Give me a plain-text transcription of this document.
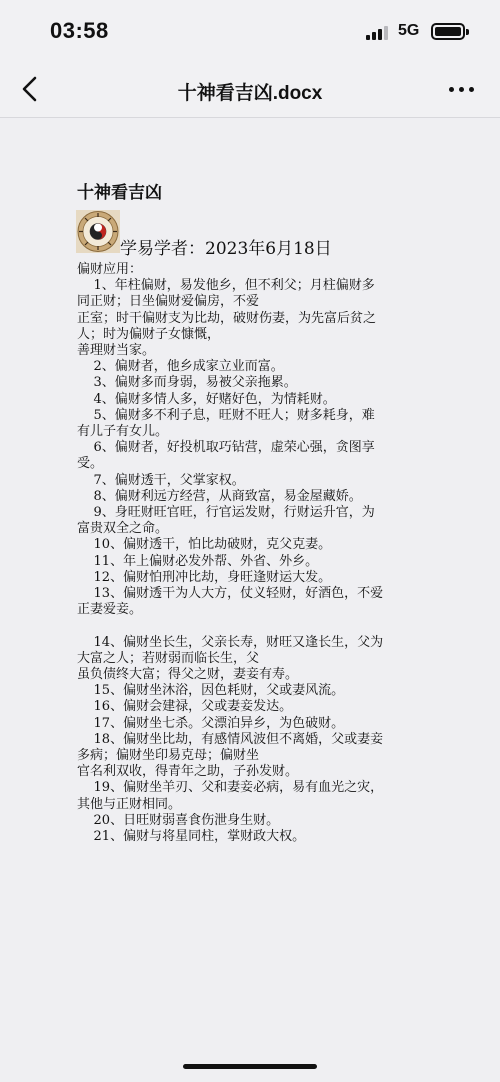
03:58	5G
十神看吉凶.docx
十神看吉凶
学易学者：2023年6月18日

偏财应用：

1、年柱偏财，易发他乡，但不利父；月柱偏财多

同正财；日坐偏财爱偏房，不爱

正室；时干偏财支为比劫，破财伤妻，为先富后贫之

人；时为偏财子女慷慨，

善理财当家。

2、偏财者，他乡成家立业而富。

3、偏财多而身弱，易被父亲拖累。

4、偏财多情人多，好赌好色，为情耗财。

5、偏财多不利子息，旺财不旺人；财多耗身，难

有儿子有女儿。

6、偏财者，好投机取巧钻营，虚荣心强，贪图享

受。

7、偏财透干，父掌家权。

8、偏财利远方经营，从商致富，易金屋藏娇。

9、身旺财旺官旺，行官运发财，行财运升官，为

富贵双全之命。

10、偏财透干，怕比劫破财，克父克妻。

11、年上偏财必发外帮、外省、外乡。

12、偏财怕刑冲比劫，身旺逢财运大发。

13、偏财透干为人大方，仗义轻财，好酒色，不爱

正妻爱妾。

14、偏财坐长生，父亲长寿，财旺又逢长生，父为

大富之人；若财弱而临长生，父

虽负债终大富；得父之财，妻妾有寿。

15、偏财坐沐浴，因色耗财，父或妻风流。

16、偏财会建禄，父或妻妾发达。

17、偏财坐七杀。父漂泊异乡，为色破财。

18、偏财坐比劫，有感情风波但不离婚，父或妻妾

多病；偏财坐印易克母；偏财坐

官名利双收，得青年之助，子孙发财。

19、偏财坐羊刃、父和妻妾必病，易有血光之灾，

其他与正财相同。

20、日旺财弱喜食伤泄身生财。

21、偏财与将星同柱，掌财政大权。
